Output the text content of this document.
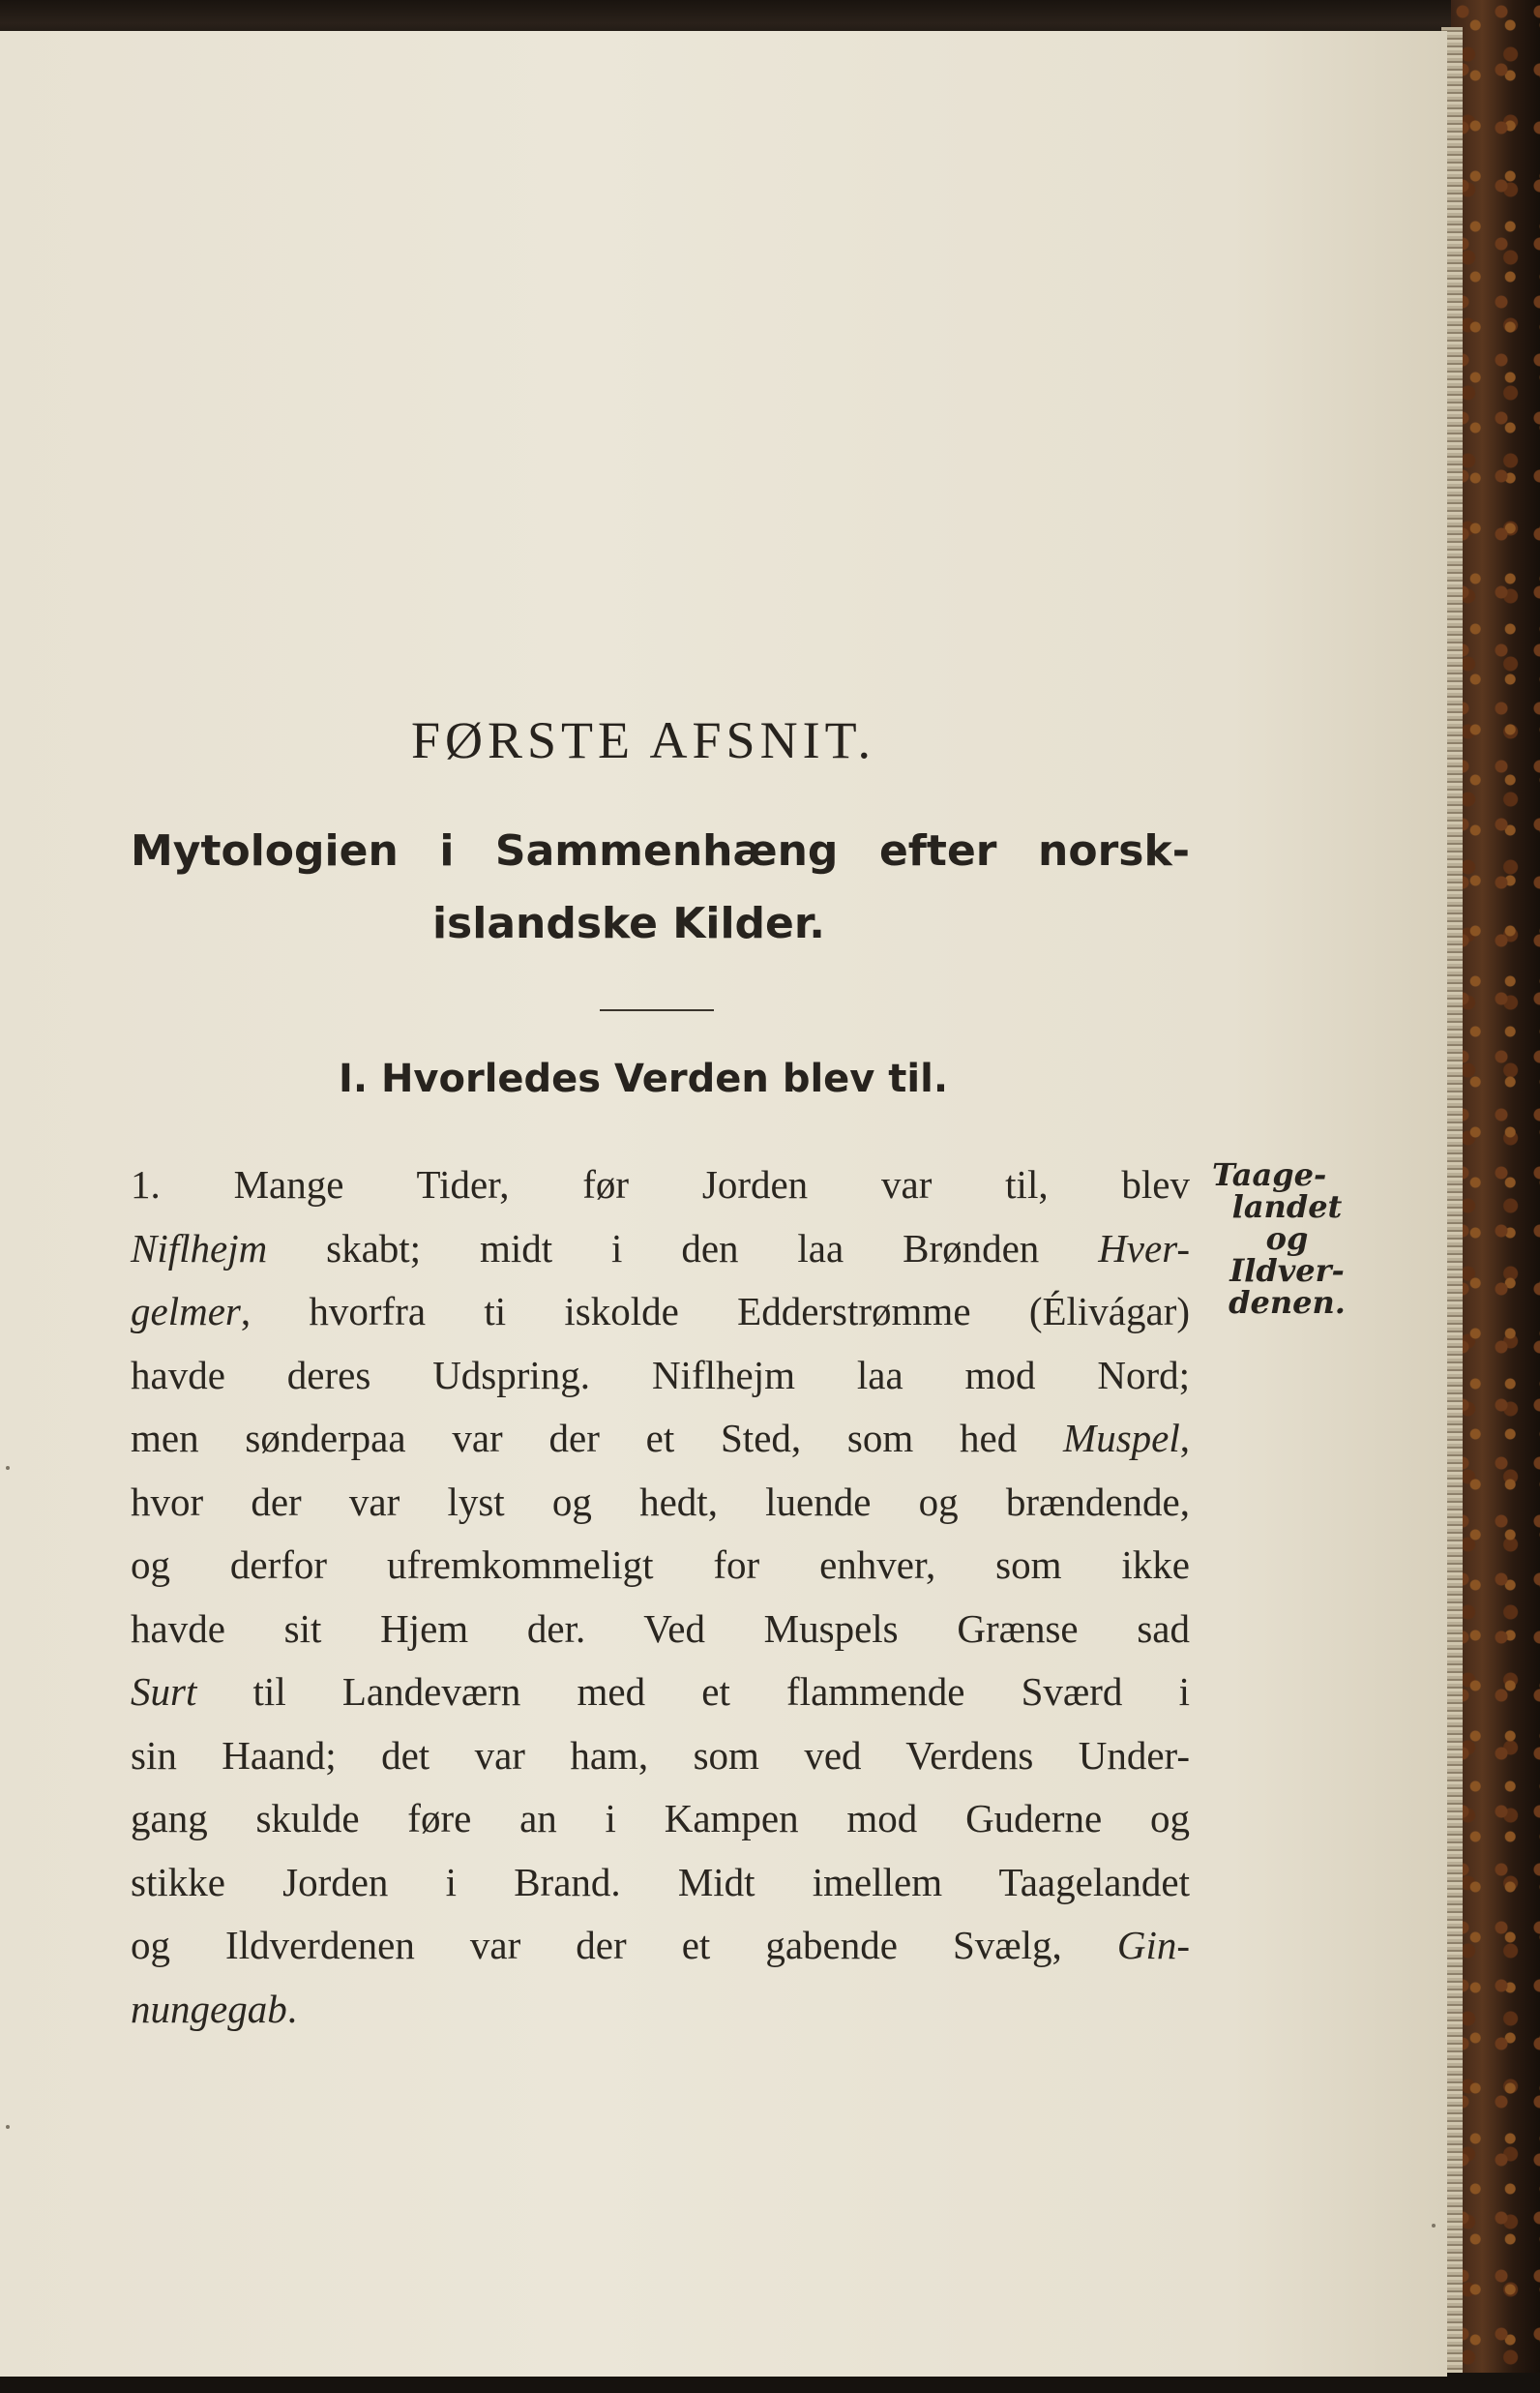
FØRSTE AFSNIT.
Mytologien i Sammenhæng efter norsk-
islandske Kilder.
I. Hvorledes Verden blev til.
1. Mange Tider, før Jorden var til, blev
Niflhejm skabt; midt i den laa Brønden Hver-
gelmer, hvorfra ti iskolde Edderstrømme (Élivágar)
havde deres Udspring. Niflhejm laa mod Nord;
men sønderpaa var der et Sted, som hed Muspel,
hvor der var lyst og hedt, luende og brændende,
og derfor ufremkommeligt for enhver, som ikke
havde sit Hjem der. Ved Muspels Grænse sad
Surt til Landeværn med et flammende Sværd i
sin Haand; det var ham, som ved Verdens Under-
gang skulde føre an i Kampen mod Guderne og
stikke Jorden i Brand. Midt imellem Taagelandet
og Ildverdenen var der et gabende Svælg, Gin-
nungegab.
Taage-
landet
og
Ildver-
denen.
